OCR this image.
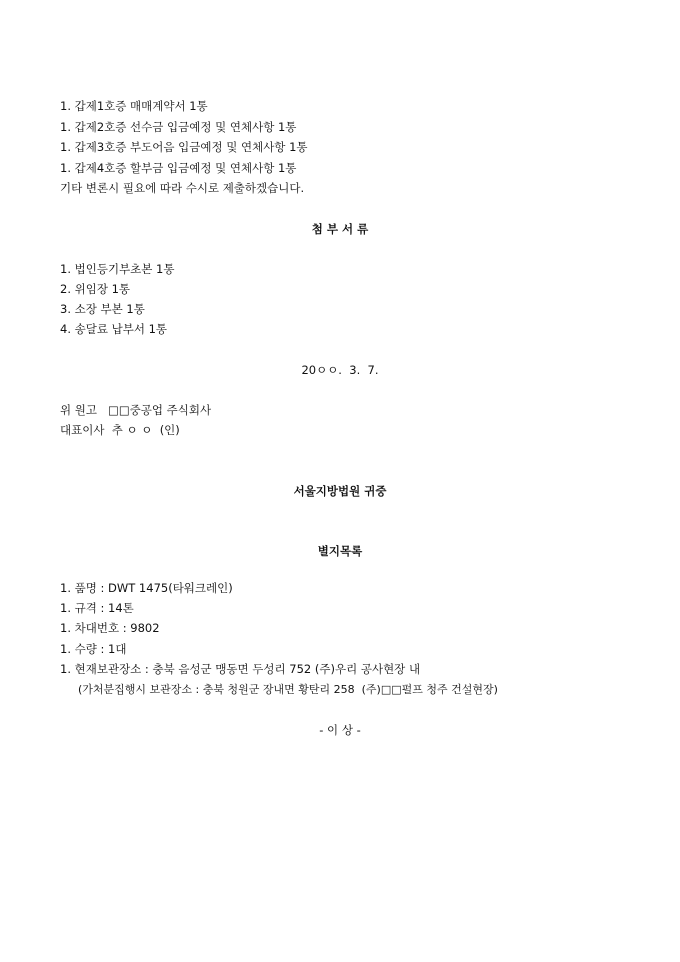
1. 갑제1호증 매매계약서 1통
1. 갑제2호증 선수금 입금예정 및 연체사항 1통
1. 갑제3호증 부도어음 입금예정 및 연체사항 1통
1. 갑제4호증 할부금 입금예정 및 연체사항 1통
기타 변론시 필요에 따라 수시로 제출하겠습니다.
첨 부 서 류
1. 법인등기부초본 1통
2. 위임장 1통
3. 소장 부본 1통
4. 송달료 납부서 1통
20ㅇㅇ.  3.  7.
위 원고   □□중공업 주식회사
대표이사  추 ㅇ ㅇ  (인)
서울지방법원 귀중
별지목록
1. 품명 : DWT 1475(타워크레인)
1. 규격 : 14톤
1. 차대번호 : 9802
1. 수량 : 1대
1. 현재보관장소 : 충북 음성군 맹동면 두성리 752 (주)우리 공사현장 내
(가처분집행시 보관장소 : 충북 청원군 장내면 황탄리 258  (주)□□펄프 청주 건설현장)
- 이 상 -
